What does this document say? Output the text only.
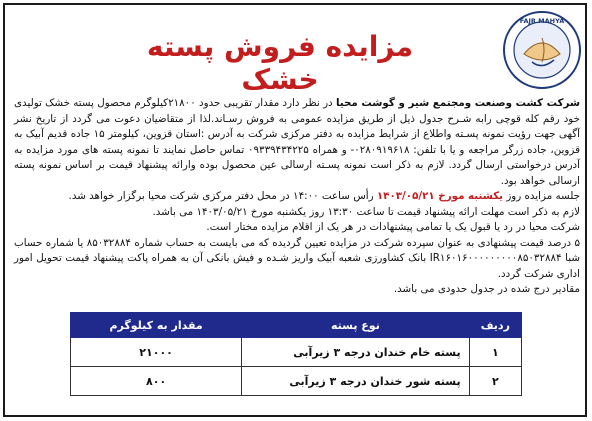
مزایده فروش پسته خشک
FAJR MAHYA

شرکت کشت وصنعت ومجتمع شیر و گوشت محیا در نظر دارد مقدار تقریبی حدود ۲۱۸۰۰کیلوگرم محصول پسته خشک تولیدی خود رقم کله قوچی رابه شـرح جدول ذیل از طریق مزایده عمومی به فروش رسـاند.لذا از متقاضیان دعوت می گردد از تاریخ نشر آگهی جهت رؤیت نمونه پسـته واطلاع از شرایط مزایده به دفتر مرکزی شرکت به آدرس :استان قزوین، کیلومتر ۱۵ جاده قدیم آبیک به قزوین، جاده زرگر مراجعه و یا با تلفن: ۰۲۸۰۹۱۹۶۱۸- و همراه ۰۹۳۳۹۴۳۴۲۲۵ تماس حاصل نمایند تا نمونه پسته های مورد مزایده به آدرس درخواستی ارسال گردد. لازم به ذکر است نمونه پسـته ارسالی عین محصول بوده وارائه پیشنهاد قیمت بر اساس نمونه پسته ارسالی خواهد بود.

جلسه مزایده روز یکشنبه مورخ ۱۴۰۳/۰۵/۲۱ رأس ساعت ۱۴:۰۰ در محل دفتر مرکزی شرکت محیا برگزار خواهد شد.

لازم به ذکر است مهلت ارائه پیشنهاد قیمت تا ساعت ۱۳:۳۰ روز یکشنبه مورخ ۱۴۰۳/۰۵/۲۱ می باشد.

شرکت محیا در رد یا قبول یک یا تمامی پیشنهادات در هر یک از اقلام مزایده مختار است.

۵ درصد قیمت پیشنهادی به عنوان سپرده شرکت در مزایده تعیین گردیده که می بایست به حساب شماره ۸۵۰۳۲۸۸۴ یا شماره حساب شبا IR۱۶۰۱۶۰۰۰۰۰۰۰۰۰۸۵۰۳۲۸۸۴ بانک کشاورزی شعبه آبیک واریز شـده و فیش بانکی آن به همراه پاکت پیشنهاد قیمت تحویل امور اداری شرکت گردد.

مقادیر درج شده در جدول حدودی می باشد.

ردیف	نوع پسته	مقدار به کیلوگرم
۱	پسته خام خندان درجه ۳ زیرآبی	۲۱۰۰۰
۲	پسته شور خندان درجه ۳ زیرآبی	۸۰۰
